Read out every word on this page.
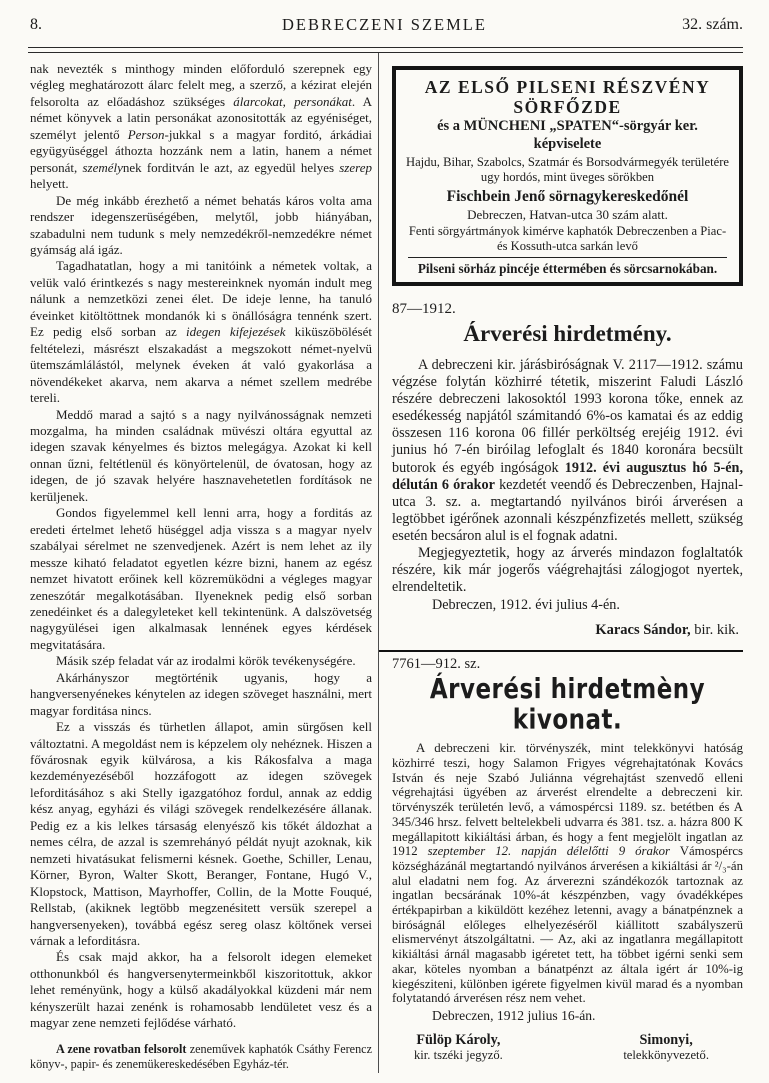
8.	DEBRECZENI SZEMLE	32. szám.

nak nevezték s minthogy minden előforduló szerepnek egy végleg meghatározott álarc felelt meg, a szerző, a kézirat elején felsorolta az előadáshoz szükséges álarcokat, personákat. A német könyvek a latin personákat azonositották az egyéniséget, személyt jelentő Person-jukkal s a magyar forditó, árkádiai együgyüséggel áthozta hozzánk nem a latin, hanem a német personát, személynek forditván le azt, az egyedül helyes szerep helyett.

De még inkább érezhető a német behatás káros volta ama rendszer idegenszerüségében, melytől, jobb hiányában, szabadulni nem tudunk s mely nemzedékről-nemzedékre német gyámság alá igáz.

Tagadhatatlan, hogy a mi tanitóink a németek voltak, a velük való érintkezés s nagy mestereinknek nyomán indult meg nálunk a nemzetközi zenei élet. De ideje lenne, ha tanuló éveinket kitöltöttnek mondanók ki s önállóságra tennénk szert. Ez pedig első sorban az idegen kifejezések kiküszöbölését feltételezi, másrészt elszakadást a megszokott német-nyelvü ütemszámlálástól, melynek éveken át való gyakorlása a növendékeket akarva, nem akarva a német szellem medrébe tereli.

Meddő marad a sajtó s a nagy nyilvánosságnak nemzeti mozgalma, ha minden családnak müvészi oltára egyuttal az idegen szavak kényelmes és biztos melegágya. Azokat ki kell onnan űzni, feltétlenül és könyörtelenül, de óvatosan, hogy az idegen, de jó szavak helyére hasznavehetetlen fordítások ne kerüljenek.

Gondos figyelemmel kell lenni arra, hogy a forditás az eredeti értelmet lehető hüséggel adja vissza s a magyar nyelv szabályai sérelmet ne szenvedjenek. Azért is nem lehet az ily messze kiható feladatot egyetlen kézre bizni, hanem az egész nemzet hivatott erőinek kell közremüködni a végleges magyar zeneszótár megalkotásában. Ilyeneknek pedig első sorban zenedéinket és a dalegyleteket kell tekintenünk. A dalszövetség nagygyülései igen alkalmasak lennének egyes kérdések megvitatására.

Másik szép feladat vár az irodalmi körök tevékenységére.

Akárhányszor megtörténik ugyanis, hogy a hangversenyénekes kénytelen az idegen szöveget használni, mert magyar forditása nincs.

Ez a visszás és türhetlen állapot, amin sürgősen kell változtatni. A megoldást nem is képzelem oly nehéznek. Hiszen a fővárosnak egyik külvárosa, a kis Rákosfalva a maga kezdeményezéséből hozzáfogott az idegen szövegek leforditásához s aki Stelly igazgatóhoz fordul, annak az eddig kész anyag, egyházi és világi szövegek rendelkezésére állanak. Pedig ez a kis lelkes társaság elenyésző kis tőkét áldozhat a nemes célra, de azzal is szemrehányó példát nyujt azoknak, kik nemzeti hivatásukat felismerni késnek. Goethe, Schiller, Lenau, Körner, Byron, Walter Skott, Beranger, Fontane, Hugó V., Klopstock, Mattison, Mayrhoffer, Collin, de la Motte Fouqué, Rellstab, (akiknek legtöbb megzenésitett versük szerepel a hangversenyeken), továbbá egész sereg olasz költőnek versei várnak a leforditásra.

És csak majd akkor, ha a felsorolt idegen elemeket otthonunkból és hangversenytermeinkből kiszoritottuk, akkor lehet reményünk, hogy a külső akadályokkal küzdeni már nem kényszerült hazai zenénk is rohamosabb lendületet vesz és a magyar zene nemzeti fejlődése várható.

A zene rovatban felsorolt zeneművek kaphatók Csáthy Ferencz könyv-, papir- és zenemükereskedésében Egyház-tér.

AZ ELSŐ PILSENI RÉSZVÉNY SÖRFŐZDE
és a MÜNCHENI „SPATEN“-sörgyár ker. képviselete
Hajdu, Bihar, Szabolcs, Szatmár és Borsodvármegyék területére ugy hordós, mint üveges sörökben
Fischbein Jenő sörnagykereskedőnél
Debreczen, Hatvan-utca 30 szám alatt.
Fenti sörgyártmányok kimérve kaphatók Debreczenben a Piac- és Kossuth-utca sarkán levő
Pilseni sörház pincéje éttermében és sörcsarnokában.
87—1912.
Árverési hirdetmény.

A debreczeni kir. járásbiróságnak V. 2117—1912. számu végzése folytán közhirré tétetik, miszerint Faludi László részére debreczeni lakosoktól 1993 korona tőke, ennek az esedékesség napjától számitandó 6%-os kamatai és az eddig összesen 116 korona 06 fillér perköltség erejéig 1912. évi junius hó 7-én biróilag lefoglalt és 1840 koronára becsült butorok és egyéb ingóságok 1912. évi augusztus hó 5-én, délután 6 órakor kezdetét veendő és Debreczenben, Hajnal-utca 3. sz. a. megtartandó nyilvános birói árverésen a legtöbbet igérőnek azonnali készpénzfizetés mellett, szükség esetén becsáron alul is el fognak adatni.

Megjegyeztetik, hogy az árverés mindazon foglaltatók részére, kik már jogerős váégrehajtási zálogjogot nyertek, elrendeltetik.

Debreczen, 1912. évi julius 4-én.
Karacs Sándor, bir. kik.
7761—912. sz.
Árverési hirdetmèny kivonat.

A debreczeni kir. törvényszék, mint telekkönyvi hatóság közhirré teszi, hogy Salamon Frigyes végrehajtatónak Kovács István és neje Szabó Juliánna végrehajtást szenvedő elleni végrehajtási ügyében az árverést elrendelte a debreczeni kir. törvényszék területén levő, a vámospércsi 1189. sz. betétben és A 345/346 hrsz. felvett beltelekbeli udvarra és 381. tsz. a. házra 800 K megállapitott kikiáltási árban, és hogy a fent megjelölt ingatlan az 1912 szeptember 12. napján délelőtti 9 órakor Vámospércs községházánál megtartandó nyilvános árverésen a kikiáltási ár ²/₃-án alul eladatni nem fog. Az árverezni szándékozók tartoznak az ingatlan becsárának 10%-át készpénzben, vagy óvadékképes értékpapirban a kiküldött kezéhez letenni, avagy a bánatpénznek a biróságnál előleges elhelyezéséről kiállitott szabályszerü elismervényt átszolgáltatni. — Az, aki az ingatlanra megállapitott kikiáltási árnál magasabb igéretet tett, ha többet igérni senki sem akar, köteles nyomban a bánatpénzt az általa igért ár 10%-ig kiegésziteni, különben igérete figyelmen kivül marad és a nyomban folytatandó árverésen rész nem vehet.

Debreczen, 1912 julius 16-án.
Fülöp Károly,
kir. tszéki jegyző.
Simonyi,
telekkönyvezető.
